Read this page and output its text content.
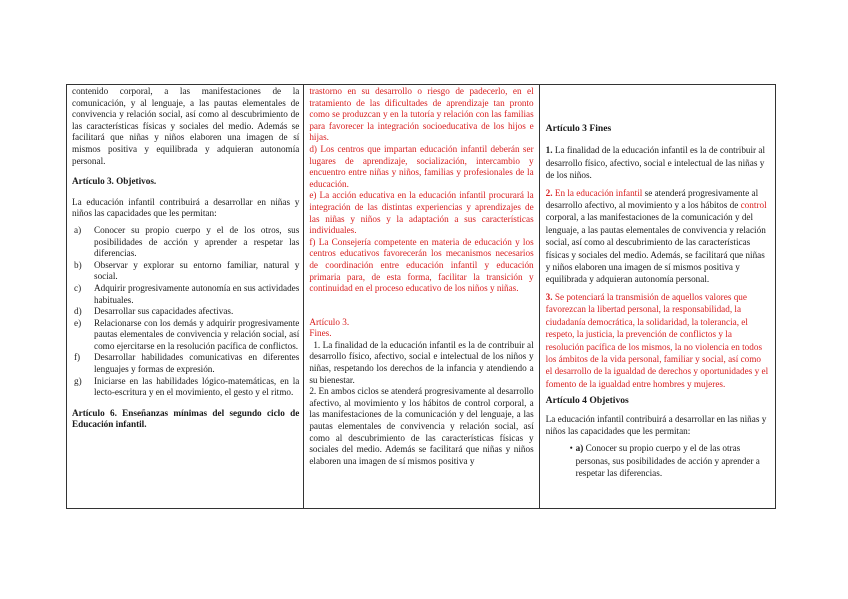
contenido corporal, a las manifestaciones de la comunicación, y al lenguaje, a las pautas elementales de convivencia y relación social, así como al descubrimiento de las características físicas y sociales del medio. Además se facilitará que niñas y niños elaboren una imagen de sí mismos positiva y equilibrada y adquieran autonomía personal.

Artículo 3. Objetivos.

La educación infantil contribuirá a desarrollar en niñas y niños las capacidades que les permitan:

a)	Conocer su propio cuerpo y el de los otros, sus posibilidades de acción y aprender a respetar las diferencias.
b)	Observar y explorar su entorno familiar, natural y social.
c)	Adquirir progresivamente autonomía en sus actividades habituales.
d)	Desarrollar sus capacidades afectivas.
e)	Relacionarse con los demás y adquirir progresivamente pautas elementales de convivencia y relación social, así como ejercitarse en la resolución pacífica de conflictos.
f)	Desarrollar habilidades comunicativas en diferentes lenguajes y formas de expresión.
g)	Iniciarse en las habilidades lógico-matemáticas, en la lecto-escritura y en el movimiento, el gesto y el ritmo.

Artículo 6. Enseñanzas mínimas del segundo ciclo de Educación infantil.

trastorno en su desarrollo o riesgo de padecerlo, en el tratamiento de las dificultades de aprendizaje tan pronto como se produzcan y en la tutoría y relación con las familias para favorecer la integración socioeducativa de los hijos e hijas.

d) Los centros que impartan educación infantil deberán ser lugares de aprendizaje, socialización, intercambio y encuentro entre niñas y niños, familias y profesionales de la educación.

e) La acción educativa en la educación infantil procurará la integración de las distintas experiencias y aprendizajes de las niñas y niños y la adaptación a sus características individuales.

f) La Consejería competente en materia de educación y los centros educativos favorecerán los mecanismos necesarios de coordinación entre educación infantil y educación primaria para, de esta forma, facilitar la transición y continuidad en el proceso educativo de los niños y niñas.

Artículo 3.

Fines.

1. La finalidad de la educación infantil es la de contribuir al desarrollo físico, afectivo, social e intelectual de los niños y niñas, respetando los derechos de la infancia y atendiendo a su bienestar.

2. En ambos ciclos se atenderá progresivamente al desarrollo afectivo, al movimiento y los hábitos de control corporal, a las manifestaciones de la comunicación y del lenguaje, a las pautas elementales de convivencia y relación social, así como al descubrimiento de las características físicas y sociales del medio. Además se facilitará que niñas y niños elaboren una imagen de sí mismos positiva y

Artículo 3 Fines

1. La finalidad de la educación infantil es la de contribuir al desarrollo físico, afectivo, social e intelectual de las niñas y de los niños.

2. En la educación infantil se atenderá progresivamente al desarrollo afectivo, al movimiento y a los hábitos de control corporal, a las manifestaciones de la comunicación y del lenguaje, a las pautas elementales de convivencia y relación social, así como al descubrimiento de las características físicas y sociales del medio. Además, se facilitará que niñas y niños elaboren una imagen de sí mismos positiva y equilibrada y adquieran autonomía personal.

3. Se potenciará la transmisión de aquellos valores que favorezcan la libertad personal, la responsabilidad, la ciudadanía democrática, la solidaridad, la tolerancia, el respeto, la justicia, la prevención de conflictos y la resolución pacífica de los mismos, la no violencia en todos los ámbitos de la vida personal, familiar y social, así como el desarrollo de la igualdad de derechos y oportunidades y el fomento de la igualdad entre hombres y mujeres.

Artículo 4 Objetivos

La educación infantil contribuirá a desarrollar en las niñas y niños las capacidades que les permitan:

• a) Conocer su propio cuerpo y el de las otras personas, sus posibilidades de acción y aprender a respetar las diferencias.
